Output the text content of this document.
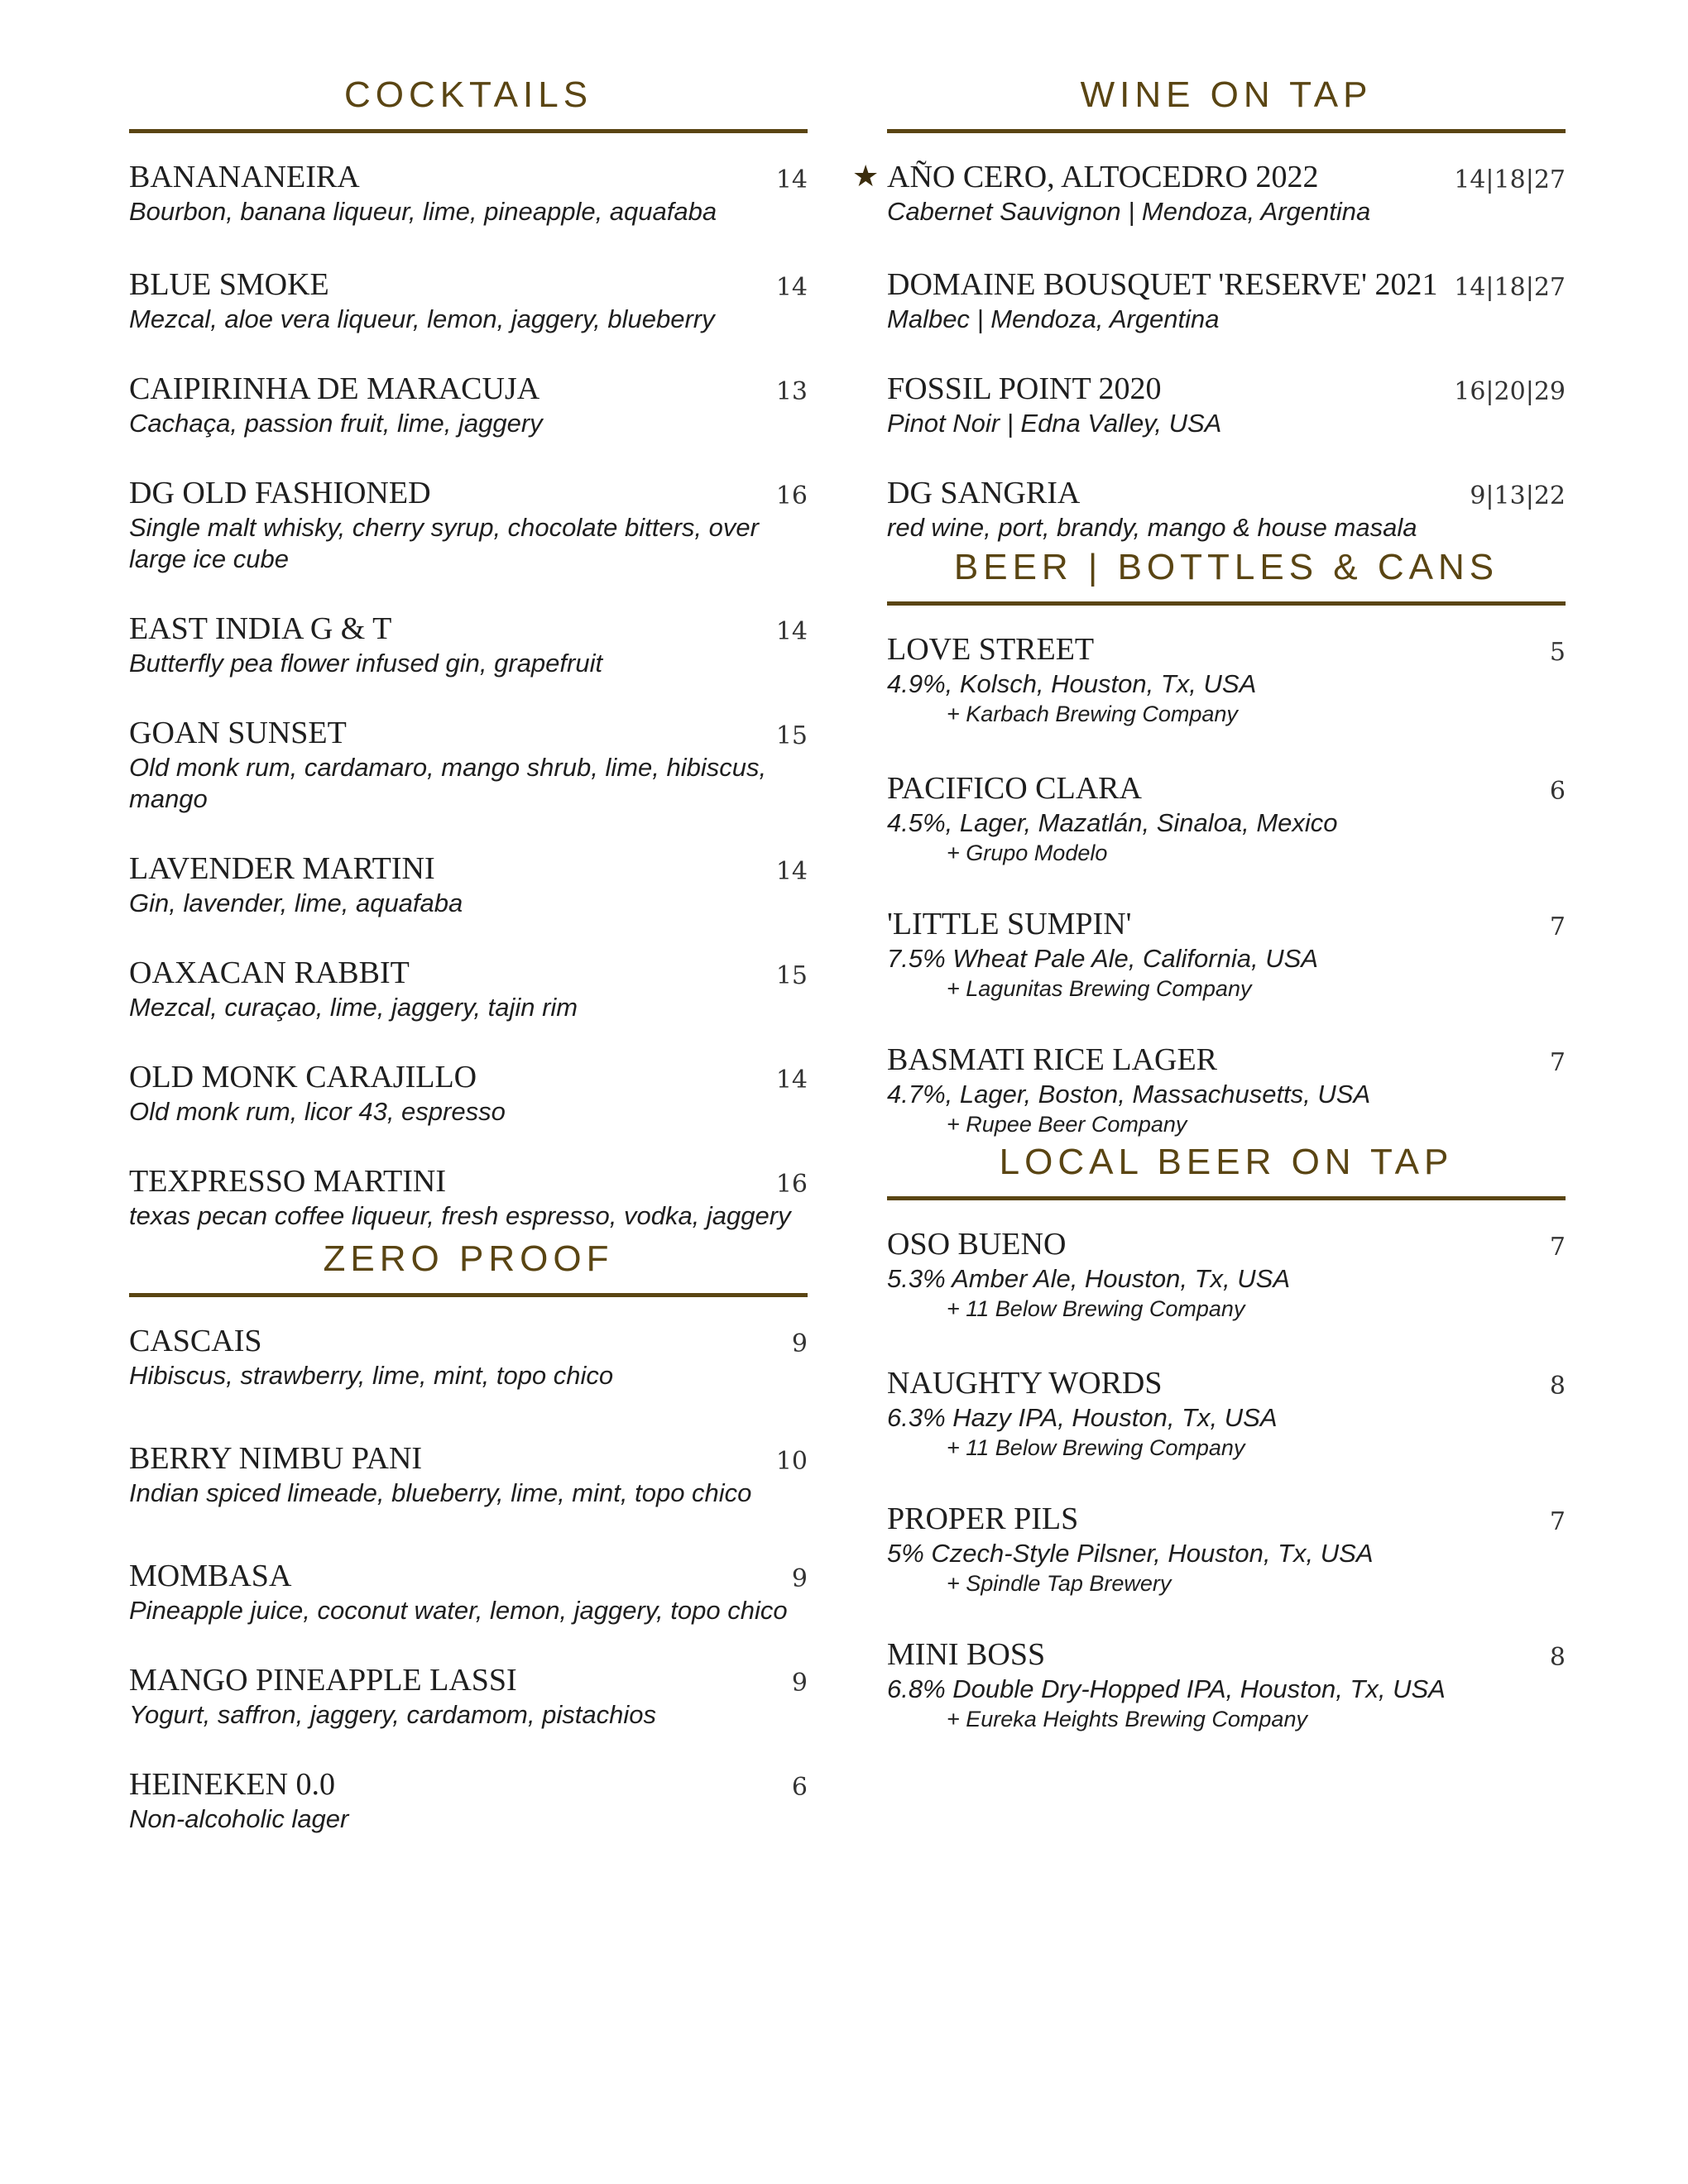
COCKTAILS
BANANANEIRA	14
Bourbon, banana liqueur, lime, pineapple, aquafaba
BLUE SMOKE	14
Mezcal, aloe vera liqueur, lemon, jaggery, blueberry
CAIPIRINHA DE MARACUJA	13
Cachaça, passion fruit, lime, jaggery
DG OLD FASHIONED	16
Single malt whisky, cherry syrup, chocolate bitters, over large ice cube
EAST INDIA G & T	14
Butterfly pea flower infused gin, grapefruit
GOAN SUNSET	15
Old monk rum, cardamaro, mango shrub, lime, hibiscus, mango
LAVENDER MARTINI	14
Gin, lavender, lime, aquafaba
OAXACAN RABBIT	15
Mezcal, curaçao, lime, jaggery, tajin rim
OLD MONK CARAJILLO	14
Old monk rum, licor 43, espresso
TEXPRESSO MARTINI	16
texas pecan coffee liqueur, fresh espresso, vodka, jaggery
ZERO PROOF
CASCAIS	9
Hibiscus, strawberry, lime, mint, topo chico
BERRY NIMBU PANI	10
Indian spiced limeade, blueberry, lime, mint, topo chico
MOMBASA	9
Pineapple juice, coconut water, lemon, jaggery, topo chico
MANGO PINEAPPLE LASSI	9
Yogurt, saffron, jaggery, cardamom, pistachios
HEINEKEN 0.0	6
Non-alcoholic lager
WINE ON TAP
★ AÑO CERO, ALTOCEDRO 2022	14|18|27
Cabernet Sauvignon | Mendoza, Argentina
DOMAINE BOUSQUET 'RESERVE' 2021 14|18|27
Malbec | Mendoza, Argentina
FOSSIL POINT 2020	16|20|29
Pinot Noir | Edna Valley, USA
DG SANGRIA	9|13|22
red wine, port, brandy, mango & house masala
BEER | BOTTLES & CANS
LOVE STREET	5
4.9%, Kolsch, Houston, Tx, USA
+ Karbach Brewing Company
PACIFICO CLARA	6
4.5%, Lager, Mazatlán, Sinaloa, Mexico
+ Grupo Modelo
'LITTLE SUMPIN'	7
7.5% Wheat Pale Ale, California, USA
+ Lagunitas Brewing Company
BASMATI RICE LAGER	7
4.7%, Lager, Boston, Massachusetts, USA
+ Rupee Beer Company
LOCAL BEER ON TAP
OSO BUENO	7
5.3% Amber Ale, Houston, Tx, USA
+ 11 Below Brewing Company
NAUGHTY WORDS	8
6.3% Hazy IPA, Houston, Tx, USA
+ 11 Below Brewing Company
PROPER PILS	7
5% Czech-Style Pilsner, Houston, Tx, USA
+ Spindle Tap Brewery
MINI BOSS	8
6.8% Double Dry-Hopped IPA, Houston, Tx, USA
+ Eureka Heights Brewing Company
